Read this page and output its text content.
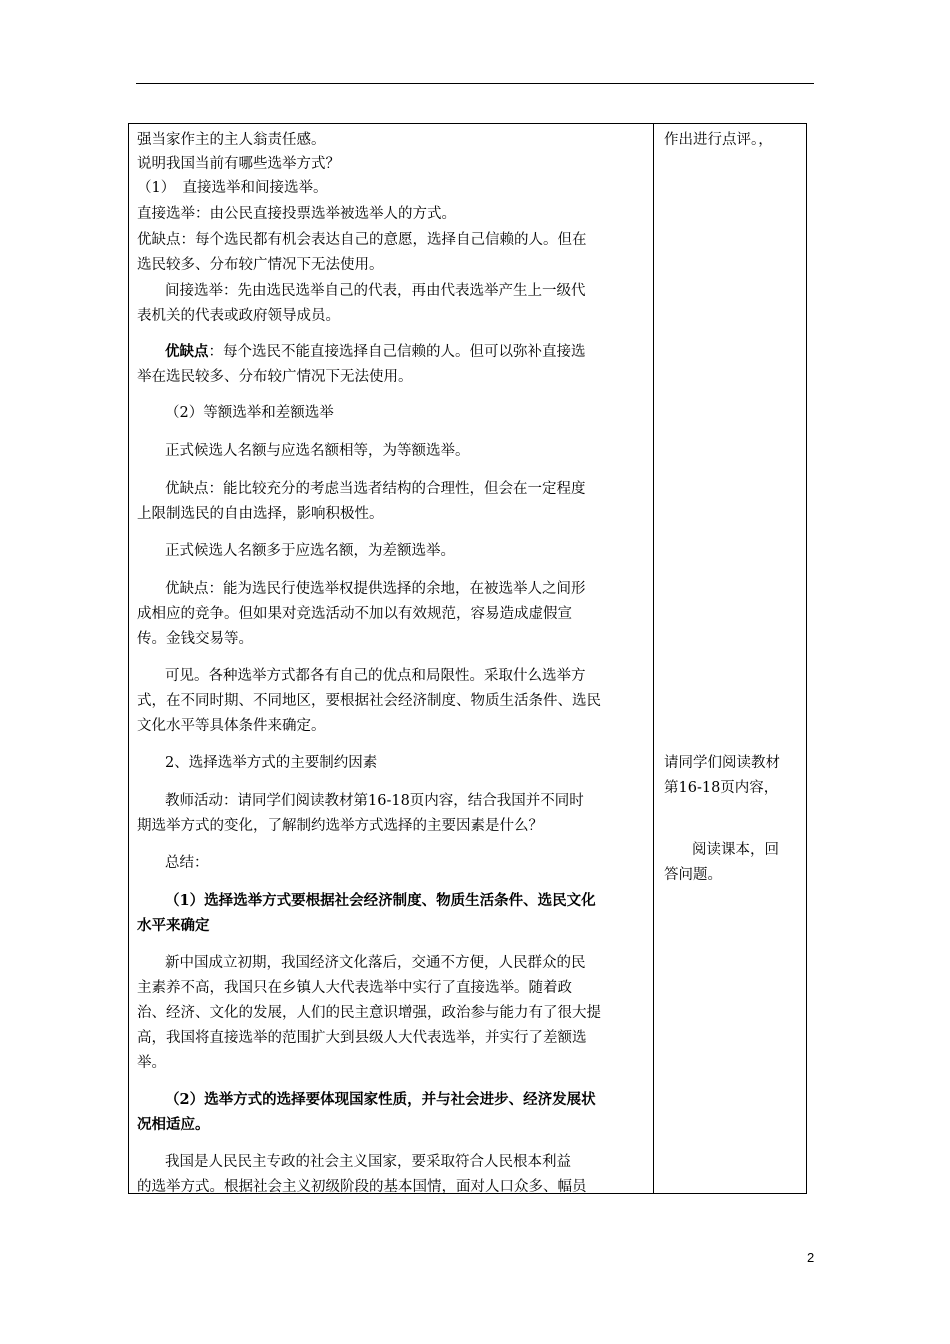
强当家作主的主人翁责任感。
说明我国当前有哪些选举方式？
（1）　直接选举和间接选举。
直接选举：由公民直接投票选举被选举人的方式。
优缺点：每个选民都有机会表达自己的意愿，选择自己信赖的人。但在
选民较多、分布较广情况下无法使用。
间接选举：先由选民选举自己的代表，再由代表选举产生上一级代
表机关的代表或政府领导成员。
优缺点：每个选民不能直接选择自己信赖的人。但可以弥补直接选
举在选民较多、分布较广情况下无法使用。
（2）等额选举和差额选举
正式候选人名额与应选名额相等，为等额选举。
优缺点：能比较充分的考虑当选者结构的合理性，但会在一定程度
上限制选民的自由选择，影响积极性。
正式候选人名额多于应选名额，为差额选举。
优缺点：能为选民行使选举权提供选择的余地，在被选举人之间形
成相应的竞争。但如果对竞选活动不加以有效规范，容易造成虚假宣
传。金钱交易等。
可见。各种选举方式都各有自己的优点和局限性。采取什么选举方
式，在不同时期、不同地区，要根据社会经济制度、物质生活条件、选民
文化水平等具体条件来确定。
2、选择选举方式的主要制约因素
教师活动：请同学们阅读教材第16-18页内容，结合我国并不同时
期选举方式的变化，了解制约选举方式选择的主要因素是什么？
总结：
（1）选择选举方式要根据社会经济制度、物质生活条件、选民文化
水平来确定
新中国成立初期，我国经济文化落后，交通不方便，人民群众的民
主素养不高，我国只在乡镇人大代表选举中实行了直接选举。随着政
治、经济、文化的发展，人们的民主意识增强，政治参与能力有了很大提
高，我国将直接选举的范围扩大到县级人大代表选举，并实行了差额选
举。
（2）选举方式的选择要体现国家性质，并与社会进步、经济发展状
况相适应。
我国是人民民主专政的社会主义国家，要采取符合人民根本利益
的选举方式。根据社会主义初级阶段的基本国情，面对人口众多、幅员
作出进行点评。，
请同学们阅读教材
第16-18页内容，
阅读课本，回
答问题。
2
